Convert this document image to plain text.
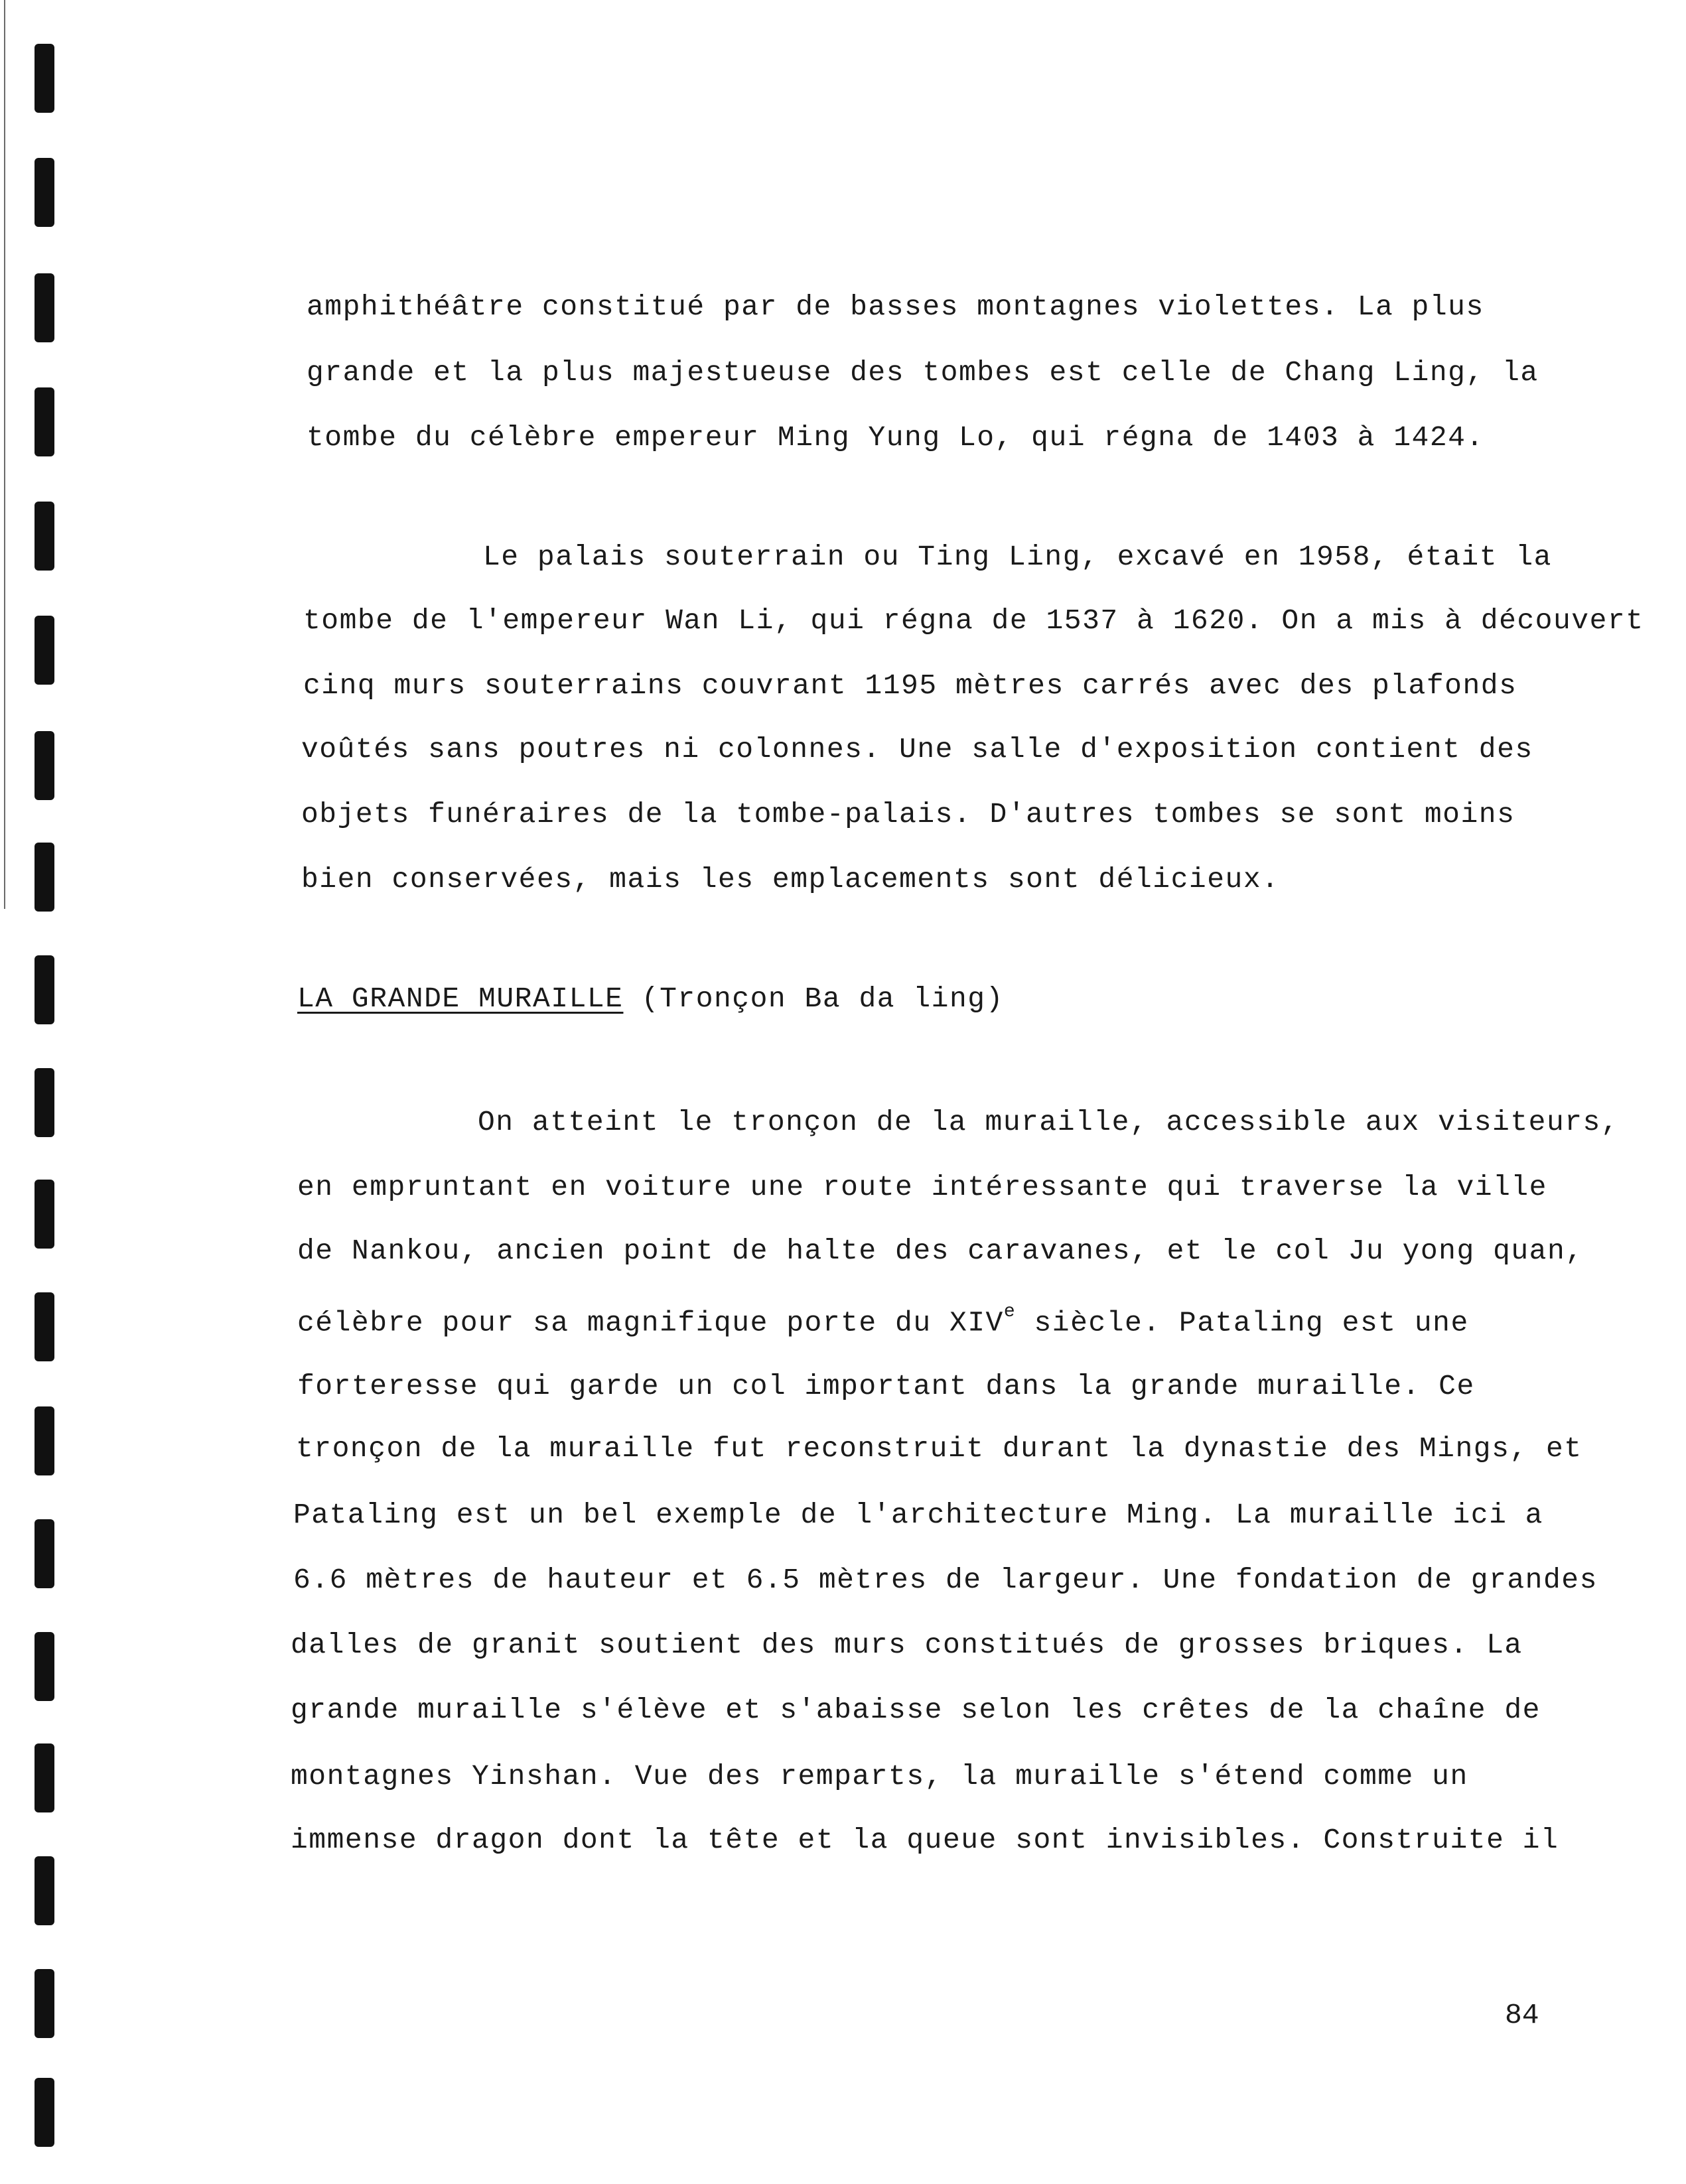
amphithéâtre constitué par de basses montagnes violettes. La plus
grande et la plus majestueuse des tombes est celle de Chang Ling, la
tombe du célèbre empereur Ming Yung Lo, qui régna de 1403 à 1424.
Le palais souterrain ou Ting Ling, excavé en 1958, était la
tombe de l'empereur Wan Li, qui régna de 1537 à 1620. On a mis à découvert
cinq murs souterrains couvrant 1195 mètres carrés avec des plafonds
voûtés sans poutres ni colonnes. Une salle d'exposition contient des
objets funéraires de la tombe-palais. D'autres tombes se sont moins
bien conservées, mais les emplacements sont délicieux.
LA GRANDE MURAILLE (Tronçon Ba da ling)
On atteint le tronçon de la muraille, accessible aux visiteurs,
en empruntant en voiture une route intéressante qui traverse la ville
de Nankou, ancien point de halte des caravanes, et le col Ju yong quan,
célèbre pour sa magnifique porte du XIVe siècle. Pataling est une
forteresse qui garde un col important dans la grande muraille. Ce
tronçon de la muraille fut reconstruit durant la dynastie des Mings, et
Pataling est un bel exemple de l'architecture Ming. La muraille ici a
6.6 mètres de hauteur et 6.5 mètres de largeur. Une fondation de grandes
dalles de granit soutient des murs constitués de grosses briques. La
grande muraille s'élève et s'abaisse selon les crêtes de la chaîne de
montagnes Yinshan. Vue des remparts, la muraille s'étend comme un
immense dragon dont la tête et la queue sont invisibles. Construite il
84
